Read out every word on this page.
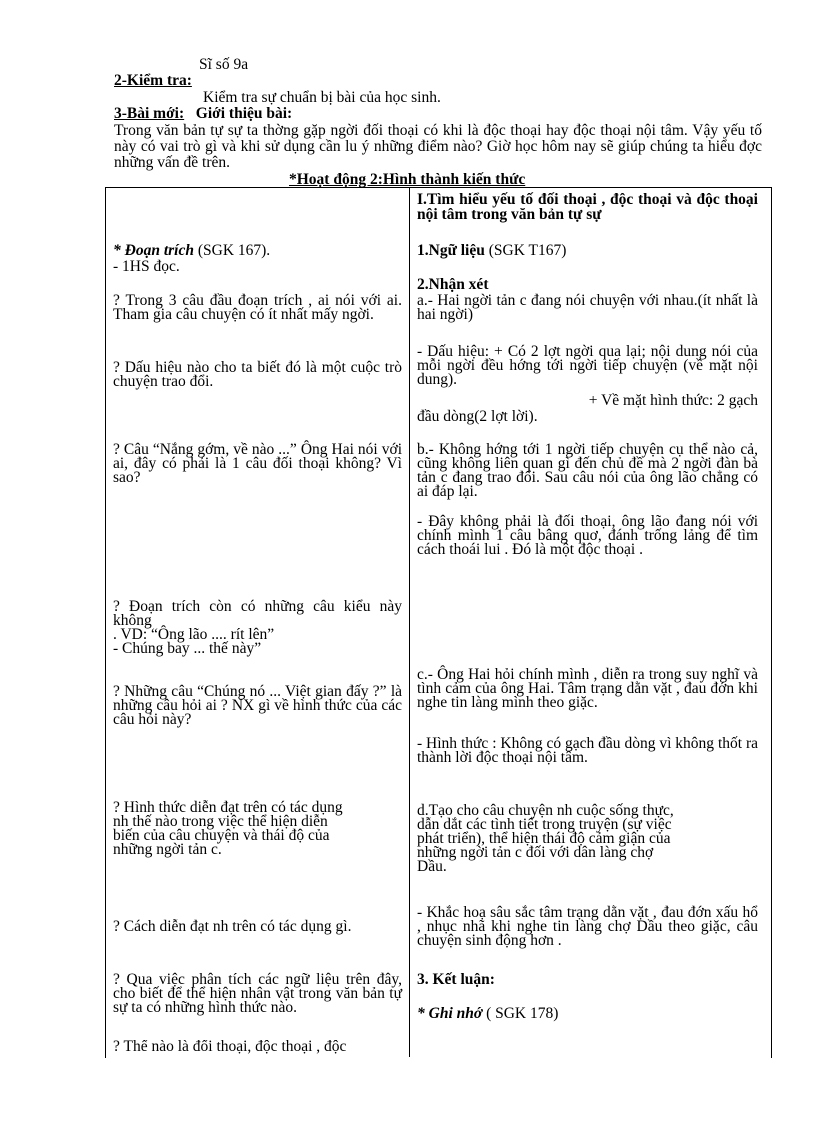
Sĩ số 9a
2-Kiểm tra:
Kiểm tra sự chuẩn bị bài của học sinh.
3-Bài mới: Giới thiệu bài:
Trong văn bản tự sự ta thờng gặp ngời đối thoại có khi là độc thoại hay độc thoại nội tâm. Vậy yếu tố này có vai trò gì và khi sử dụng cần lu ý những điểm nào? Giờ học hôm nay sẽ giúp chúng ta hiểu đợc những vấn đề trên.
*Hoạt động 2:Hình thành kiến thức
* Đoạn trích (SGK 167).
- 1HS đọc.
? Trong 3 câu đầu đoạn trích , ai nói với ai. Tham gia câu chuyện có ít nhất mấy ngời.
? Dấu hiệu nào cho ta biết đó là một cuộc trò chuyện trao đổi.
? Câu “Nắng gớm, về nào ...” Ông Hai nói với ai, đây có phải là 1 câu đối thoại không? Vì sao?
? Đoạn trích còn có những câu kiểu này không
. VD: “Ông lão .... rít lên”
- Chúng bay ... thế này”
? Những câu “Chúng nó ... Việt gian đấy ?” là những câu hỏi ai ? NX gì về hình thức của các câu hỏi này?
? Hình thức diễn đạt trên có tác dụng
nh thế nào trong việc thể hiện diễn
biến của câu chuyện và thái độ của
những ngời tản c.
? Cách diễn đạt nh trên có tác dụng gì.
? Qua việc phân tích các ngữ liệu trên đây, cho biết để thể hiện nhân vật trong văn bản tự sự ta có những hình thức nào.
? Thế nào là đối thoại, độc thoại , độc
I.Tìm hiểu yếu tố đối thoại , độc thoại và độc thoại nội tâm trong văn bản tự sự
1.Ngữ liệu (SGK T167)
2.Nhận xét
a.- Hai ngời tản c đang nói chuyện với nhau.(ít nhất là hai ngời)
- Dấu hiệu: + Có 2 lợt ngời qua lại; nội dung nói của mỗi ngời đều hớng tới ngời tiếp chuyện (về mặt nội dung).
+ Về mặt hình thức: 2 gạch
đầu dòng(2 lợt lời).
b.- Không hớng tới 1 ngời tiếp chuyện cụ thể nào cả, cũng không liên quan gì đến chủ đề mà 2 ngời đàn bà tản c đang trao đổi. Sau câu nói của ông lão chẳng có ai đáp lại.
- Đây không phải là đối thoại, ông lão đang nói với chính mình 1 câu bâng quơ, đánh trống lảng để tìm cách thoái lui . Đó là một độc thoại .
c.- Ông Hai hỏi chính mình , diễn ra trong suy nghĩ và tình cảm của ông Hai. Tâm trạng dằn vặt , đau đớn khi nghe tin làng mình theo giặc.
- Hình thức : Không có gạch đầu dòng vì không thốt ra thành lời độc thoại nội tâm.
d.Tạo cho câu chuyện nh cuộc sống thực,
dẫn dắt các tình tiết trong truyện (sự việc
phát triển), thể hiện thái độ cảm giận của
những ngời tản c đối với dân làng chợ
Dầu.
- Khắc hoạ sâu sắc tâm trạng dằn vặt , đau đớn xấu hổ , nhục nhã khi nghe tin làng chợ Dầu theo giặc, câu chuyện sinh động hơn .
3. Kết luận:
* Ghi nhớ ( SGK 178)
